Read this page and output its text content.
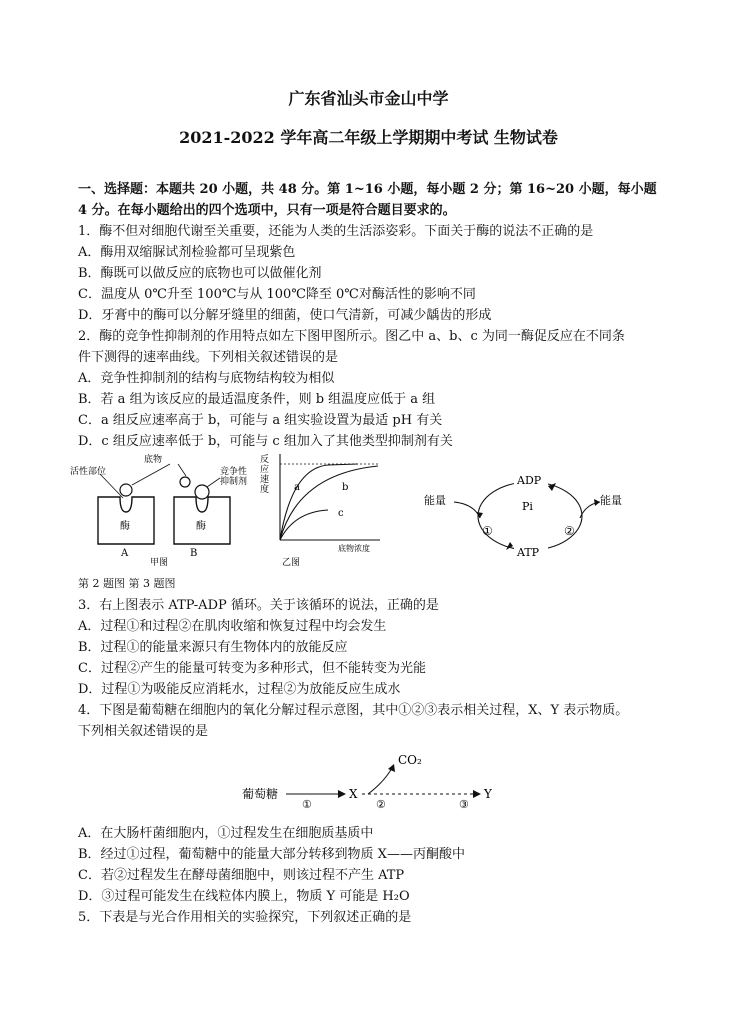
广东省汕头市金山中学
2021-2022 学年高二年级上学期期中考试 生物试卷
一、选择题：本题共 20 小题，共 48 分。第 1~16 小题，每小题 2 分；第 16~20 小题，每小题
4 分。在每小题给出的四个选项中，只有一项是符合题目要求的。
1．酶不但对细胞代谢至关重要，还能为人类的生活添姿彩。下面关于酶的说法不正确的是
A．酶用双缩脲试剂检验都可呈现紫色
B．酶既可以做反应的底物也可以做催化剂
C．温度从 0℃升至 100℃与从 100℃降至 0℃对酶活性的影响不同
D．牙膏中的酶可以分解牙缝里的细菌，使口气清新，可减少龋齿的形成
2．酶的竞争性抑制剂的作用特点如左下图甲图所示。图乙中 a、b、c 为同一酶促反应在不同条
件下测得的速率曲线。下列相关叙述错误的是
A．竞争性抑制剂的结构与底物结构较为相似
B．若 a 组为该反应的最适温度条件，则 b 组温度应低于 a 组
C．a 组反应速率高于 b，可能与 a 组实验设置为最适 pH 有关
D．c 组反应速率低于 b，可能与 c 组加入了其他类型抑制剂有关
活性部位
底物
竞争性
抑制剂
酶	酶
A	B
甲图
反
应
速
度 a	b
c
底物浓度
乙图
ADP
Pi
ATP
①	②
能量	能量
第 2 题图 第 3 题图
3．右上图表示 ATP-ADP 循环。关于该循环的说法，正确的是
A．过程①和过程②在肌肉收缩和恢复过程中均会发生
B．过程①的能量来源只有生物体内的放能反应
C．过程②产生的能量可转变为多种形式，但不能转变为光能
D．过程①为吸能反应消耗水，过程②为放能反应生成水
4．下图是葡萄糖在细胞内的氧化分解过程示意图，其中①②③表示相关过程，X、Y 表示物质。
下列相关叙述错误的是
葡萄糖
①
X
②	③
Y
CO₂
A．在大肠杆菌细胞内，①过程发生在细胞质基质中
B．经过①过程，葡萄糖中的能量大部分转移到物质 X——丙酮酸中
C．若②过程发生在酵母菌细胞中，则该过程不产生 ATP
D．③过程可能发生在线粒体内膜上，物质 Y 可能是 H₂O
5．下表是与光合作用相关的实验探究，下列叙述正确的是
